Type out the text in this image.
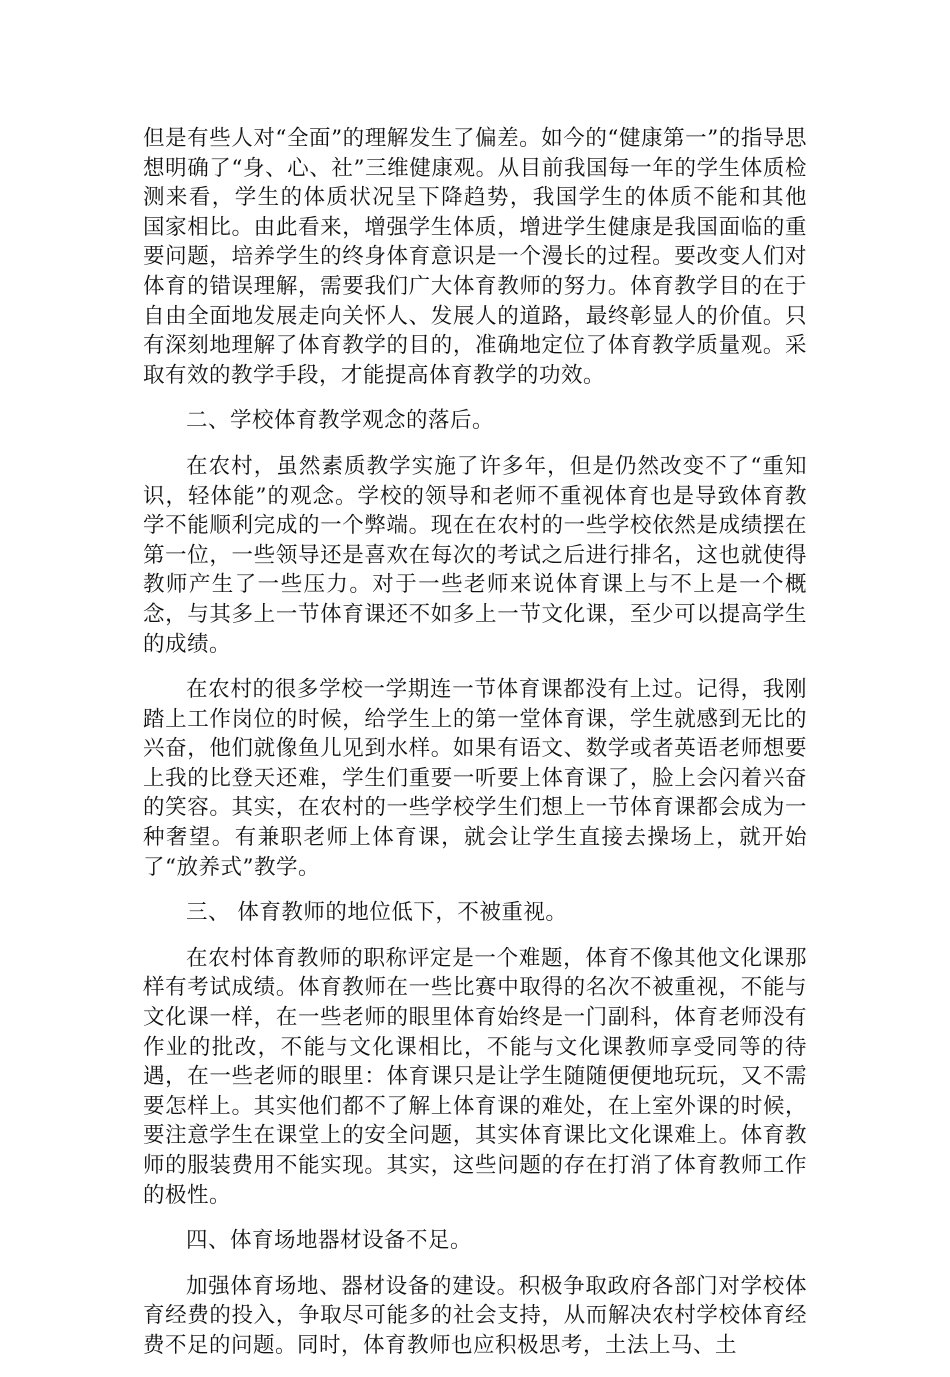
但是有些人对“全面”的理解发生了偏差。如今的“健康第一”的指导思想明确了“身、心、社”三维健康观。从目前我国每一年的学生体质检测来看，学生的体质状况呈下降趋势，我国学生的体质不能和其他 国家相比。由此看来，增强学生体质，增进学生健康是我国面临的重要问题，培养学生的终身体育意识是一个漫长的过程。要改变人们对体育的错误理解，需要我们广大体育教师的努力。体育教学目的在于自由全面地发展走向关怀人、发展人的道路，最终彰显人的价值。只有深刻地理解了体育教学的目的，准确地定位了体育教学质量观。采取有效的教学手段，才能提高体育教学的功效。

二、学校体育教学观念的落后。

在农村，虽然素质教学实施了许多年，但是仍然改变不了“重知识，轻体能”的观念。学校的领导和老师不重视体育也是导致体育教学不能顺利完成的一个弊端。现在在农村的一些学校依然是成绩摆在第一位，一些领导还是喜欢在每次的考试之后进行排名，这也就使得教师产生了一些压力。对于一些老师来说体育课上与不上是一个概念，与其多上一节体育课还不如多上一节文化课，至少可以提高学生的成绩。

在农村的很多学校一学期连一节体育课都没有上过。记得，我刚踏上工作岗位的时候，给学生上的第一堂体育课，学生就感到无比的兴奋，他们就像鱼儿见到水样。如果有语文、数学或者英语老师想要上我的比登天还难，学生们重要一听要上体育课了，脸上会闪着兴奋的笑容。其实，在农村的一些学校学生们想上一节体育课都会成为一种奢望。有兼职老师上体育课，就会让学生直接去操场上，就开始了“放养式”教学。

三、 体育教师的地位低下，不被重视。

在农村体育教师的职称评定是一个难题，体育不像其他文化课那样有考试成绩。体育教师在一些比赛中取得的名次不被重视，不能与文化课一样，在一些老师的眼里体育始终是一门副科，体育老师没有作业的批改，不能与文化课相比，不能与文化课教师享受同等的待遇，在一些老师的眼里：体育课只是让学生随随便便地玩玩，又不需要怎样上。其实他们都不了解上体育课的难处，在上室外课的时候，要注意学生在课堂上的安全问题，其实体育课比文化课难上。体育教师的服装费用不能实现。其实，这些问题的存在打消了体育教师工作的极性。

四、体育场地器材设备不足。

加强体育场地、器材设备的建设。积极争取政府各部门对学校体育经费的投入，争取尽可能多的社会支持，从而解决农村学校体育经费不足的问题。同时，体育教师也应积极思考，土法上马、土
